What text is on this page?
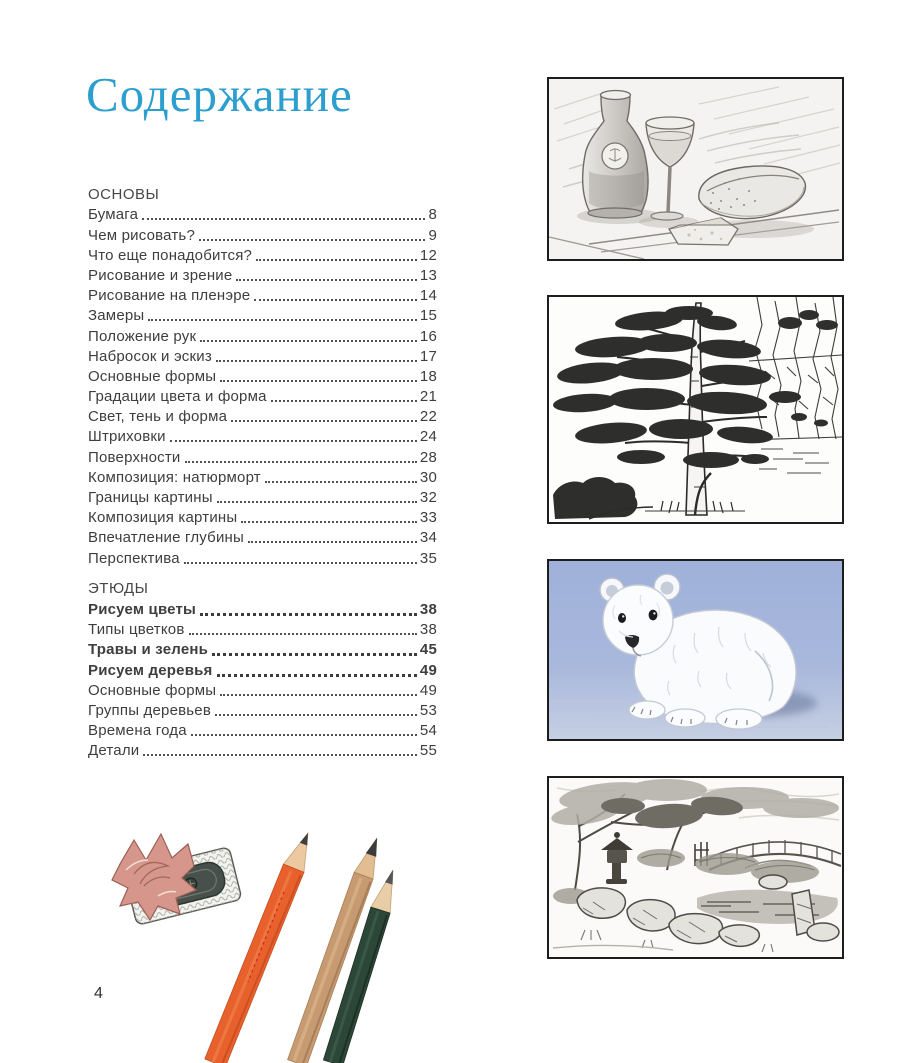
Содержание
ОСНОВЫ
Бумага	8
Чем рисовать?	9
Что еще понадобится?	12
Рисование и зрение	13
Рисование на пленэре	14
Замеры	15
Положение рук	16
Набросок и эскиз	17
Основные формы	18
Градации цвета и форма	21
Свет, тень и форма	22
Штриховки	24
Поверхности	28
Композиция: натюрморт	30
Границы картины	32
Композиция картины	33
Впечатление глубины	34
Перспектива	35
ЭТЮДЫ
Рисуем цветы	38
Типы цветков	38
Травы и зелень	45
Рисуем деревья	49
Основные формы	49
Группы деревьев	53
Времена года	54
Детали	55
4
